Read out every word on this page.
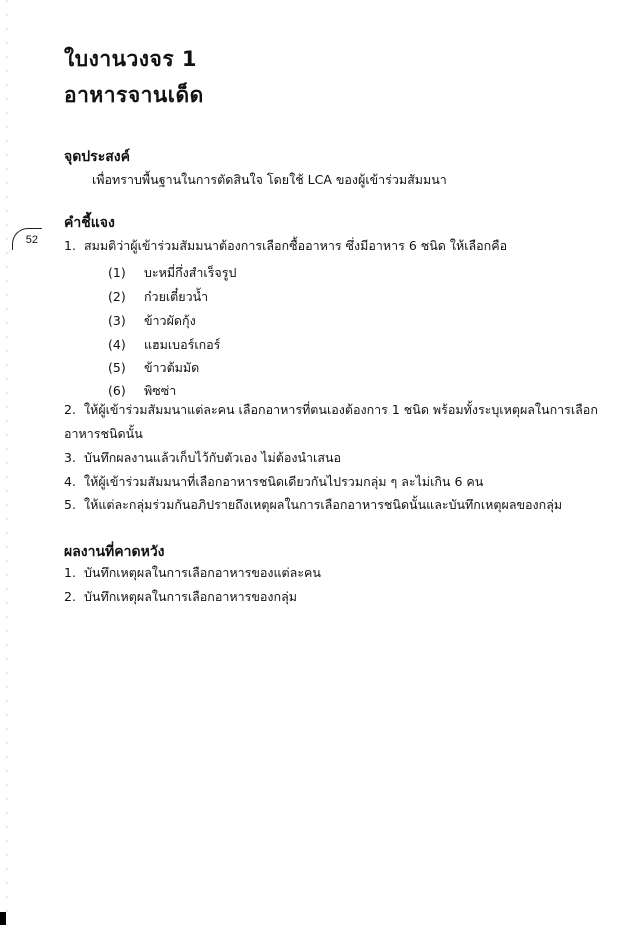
ใบงานวงจร 1
อาหารจานเด็ด
52
จุดประสงค์
เพื่อทราบพื้นฐานในการตัดสินใจ โดยใช้ LCA ของผู้เข้าร่วมสัมมนา
คำชี้แจง
1. สมมติว่าผู้เข้าร่วมสัมมนาต้องการเลือกซื้ออาหาร ซึ่งมีอาหาร 6 ชนิด ให้เลือกคือ
(1) บะหมี่กึ่งสำเร็จรูป
(2) ก๋วยเตี๋ยวน้ำ
(3) ข้าวผัดกุ้ง
(4) แฮมเบอร์เกอร์
(5) ข้าวต้มมัด
(6) พิซซ่า
2. ให้ผู้เข้าร่วมสัมมนาแต่ละคน เลือกอาหารที่ตนเองต้องการ 1 ชนิด พร้อมทั้งระบุเหตุผลในการเลือก
อาหารชนิดนั้น
3. บันทึกผลงานแล้วเก็บไว้กับตัวเอง ไม่ต้องนำเสนอ
4. ให้ผู้เข้าร่วมสัมมนาที่เลือกอาหารชนิดเดียวกันไปรวมกลุ่ม ๆ ละไม่เกิน 6 คน
5. ให้แต่ละกลุ่มร่วมกันอภิปรายถึงเหตุผลในการเลือกอาหารชนิดนั้นและบันทึกเหตุผลของกลุ่ม
ผลงานที่คาดหวัง
1. บันทึกเหตุผลในการเลือกอาหารของแต่ละคน
2. บันทึกเหตุผลในการเลือกอาหารของกลุ่ม
